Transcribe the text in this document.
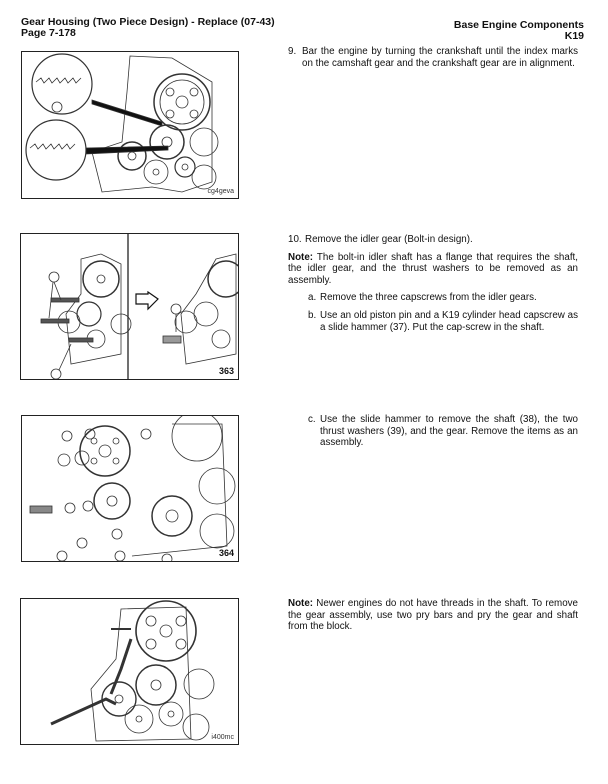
Gear Housing (Two Piece Design) - Replace (07-43)
Page 7-178
Base Engine Components
K19
cg4geva
363
364
i400mc
9. Bar the engine by turning the crankshaft until the index marks on the camshaft gear and the crankshaft gear are in alignment.

10. Remove the idler gear (Bolt-in design).

Note: The bolt-in idler shaft has a flange that requires the shaft, the idler gear, and the thrust washers to be removed as an assembly.

a. Remove the three capscrews from the idler gears.

b. Use an old piston pin and a K19 cylinder head capscrew as a slide hammer (37). Put the cap-screw in the shaft.

c. Use the slide hammer to remove the shaft (38), the two thrust washers (39), and the gear. Remove the items as an assembly.

Note: Newer engines do not have threads in the shaft. To remove the gear assembly, use two pry bars and pry the gear and shaft from the block.
